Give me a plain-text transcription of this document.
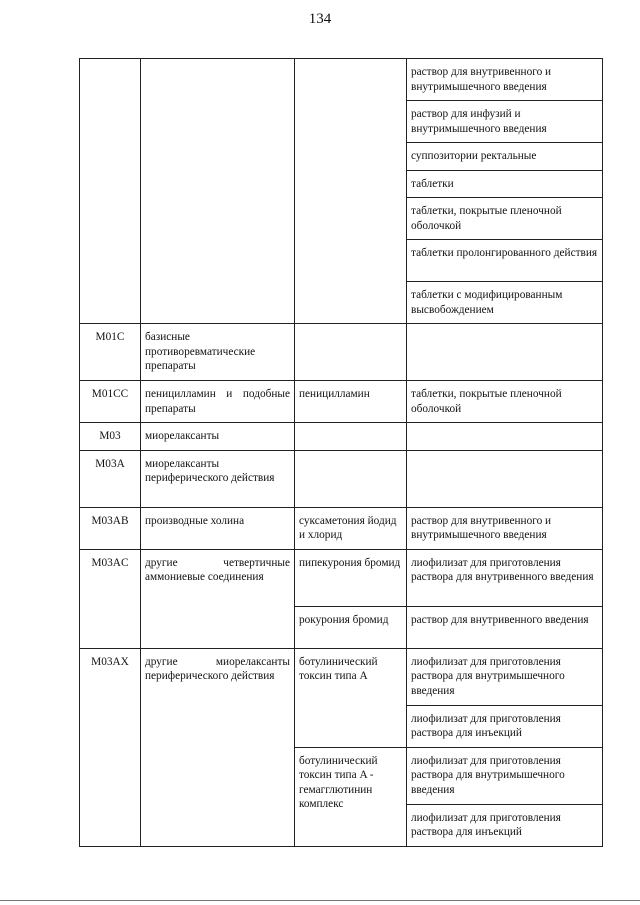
134
			раствор для внутривенного и внутримышечного введения
			раствор для инфузий и внутримышечного введения
			суппозитории ректальные
			таблетки
			таблетки, покрытые пленочной оболочкой
			таблетки пролонгированного действия
			таблетки с модифицированным высвобождением
M01C	базисные противоревматические препараты		
M01CC	пеницилламин и подобные препараты	пеницилламин	таблетки, покрытые пленочной оболочкой
M03	миорелаксанты		
M03A	миорелаксанты периферического действия		
M03AB	производные холина	суксаметония йодид и хлорид	раствор для внутривенного и внутримышечного введения
M03AC	другие четвертичные аммониевые соединения	пипекурония бромид	лиофилизат для приготовления раствора для внутривенного введения
		рокурония бромид	раствор для внутривенного введения
M03AX	другие миорелаксанты периферического действия	ботулинический токсин типа A	лиофилизат для приготовления раствора для внутримышечного введения
			лиофилизат для приготовления раствора для инъекций
		ботулинический токсин типа A - гемагглютинин комплекс	лиофилизат для приготовления раствора для внутримышечного введения
			лиофилизат для приготовления раствора для инъекций
